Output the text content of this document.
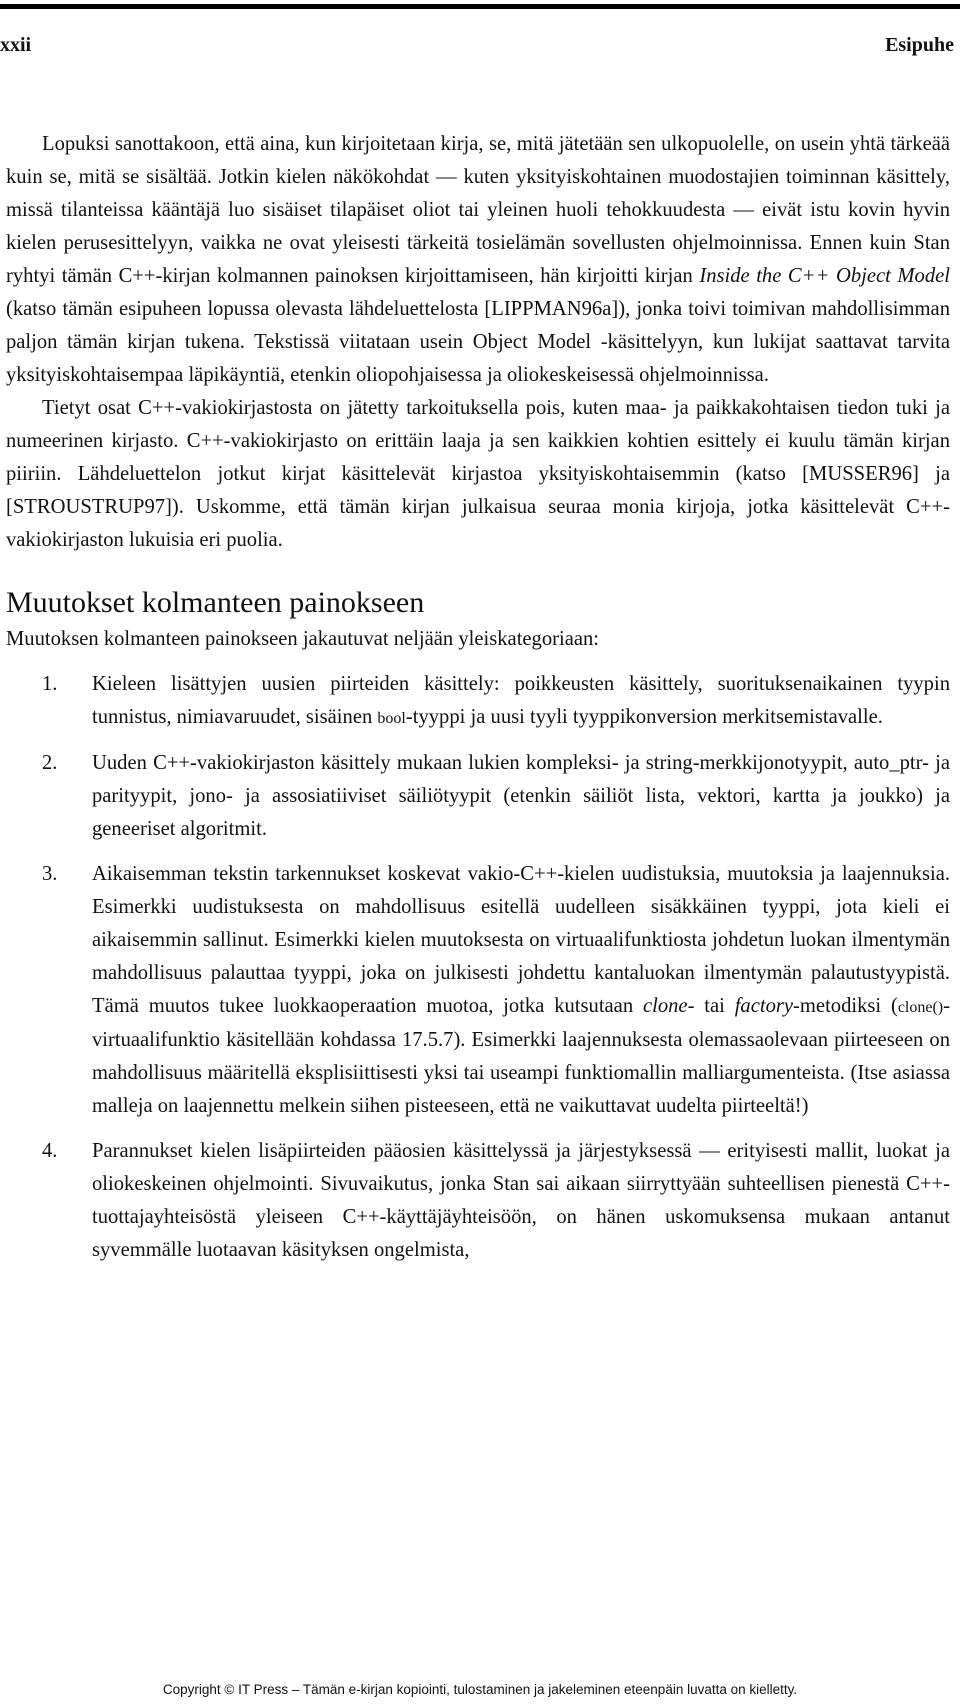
xxii	Esipuhe

Lopuksi sanottakoon, että aina, kun kirjoitetaan kirja, se, mitä jätetään sen ulkopuolelle, on usein yhtä tärkeää kuin se, mitä se sisältää. Jotkin kielen näkökohdat — kuten yksityiskohtainen muodostajien toiminnan käsittely, missä tilanteissa kääntäjä luo sisäiset tilapäiset oliot tai yleinen huoli tehokkuudesta — eivät istu kovin hyvin kielen perusesittelyyn, vaikka ne ovat yleisesti tärkeitä tosielämän sovellusten ohjelmoinnissa. Ennen kuin Stan ryhtyi tämän C++-kirjan kolmannen painoksen kirjoittamiseen, hän kirjoitti kirjan Inside the C++ Object Model (katso tämän esipuheen lopussa olevasta lähdeluettelosta [LIPPMAN96a]), jonka toivi toimivan mahdollisimman paljon tämän kirjan tukena. Tekstissä viitataan usein Object Model -käsittelyyn, kun lukijat saattavat tarvita yksityiskohtaisempaa läpikäyntiä, etenkin oliopohjaisessa ja oliokeskeisessä ohjelmoinnissa.

Tietyt osat C++-vakiokirjastosta on jätetty tarkoituksella pois, kuten maa- ja paikkakohtaisen tiedon tuki ja numeerinen kirjasto. C++-vakiokirjasto on erittäin laaja ja sen kaikkien kohtien esittely ei kuulu tämän kirjan piiriin. Lähdeluettelon jotkut kirjat käsittelevät kirjastoa yksityiskohtaisemmin (katso [MUSSER96] ja [STROUSTRUP97]). Uskomme, että tämän kirjan julkaisua seuraa monia kirjoja, jotka käsittelevät C++-vakiokirjaston lukuisia eri puolia.

Muutokset kolmanteen painokseen

Muutoksen kolmanteen painokseen jakautuvat neljään yleiskategoriaan:

1. Kieleen lisättyjen uusien piirteiden käsittely: poikkeusten käsittely, suorituksenaikainen tyypin tunnistus, nimiavaruudet, sisäinen bool-tyyppi ja uusi tyyli tyyppikonversion merkitsemistavalle.
2. Uuden C++-vakiokirjaston käsittely mukaan lukien kompleksi- ja string-merkkijonotyypit, auto_ptr- ja parityypit, jono- ja assosiatiiviset säiliötyypit (etenkin säiliöt lista, vektori, kartta ja joukko) ja geneeriset algoritmit.
3. Aikaisemman tekstin tarkennukset koskevat vakio-C++-kielen uudistuksia, muutoksia ja laajennuksia. Esimerkki uudistuksesta on mahdollisuus esitellä uudelleen sisäkkäinen tyyppi, jota kieli ei aikaisemmin sallinut. Esimerkki kielen muutoksesta on virtuaalifunktiosta johdetun luokan ilmentymän mahdollisuus palauttaa tyyppi, joka on julkisesti johdettu kantaluokan ilmentymän palautustyypistä. Tämä muutos tukee luokkaoperaation muotoa, jotka kutsutaan clone- tai factory-metodiksi (clone()-virtuaalifunktio käsitellään kohdassa 17.5.7). Esimerkki laajennuksesta olemassaolevaan piirteeseen on mahdollisuus määritellä eksplisiittisesti yksi tai useampi funktiomallin malliargumenteista. (Itse asiassa malleja on laajennettu melkein siihen pisteeseen, että ne vaikuttavat uudelta piirteeltä!)
4. Parannukset kielen lisäpiirteiden pääosien käsittelyssä ja järjestyksessä — erityisesti mallit, luokat ja oliokeskeinen ohjelmointi. Sivuvaikutus, jonka Stan sai aikaan siirryttyään suhteellisen pienestä C++-tuottajayhteisöstä yleiseen C++-käyttäjäyhteisöön, on hänen uskomuksensa mukaan antanut syvemmälle luotaavan käsityksen ongelmista,
Copyright © IT Press – Tämän e-kirjan kopiointi, tulostaminen ja jakeleminen eteenpäin luvatta on kielletty.
